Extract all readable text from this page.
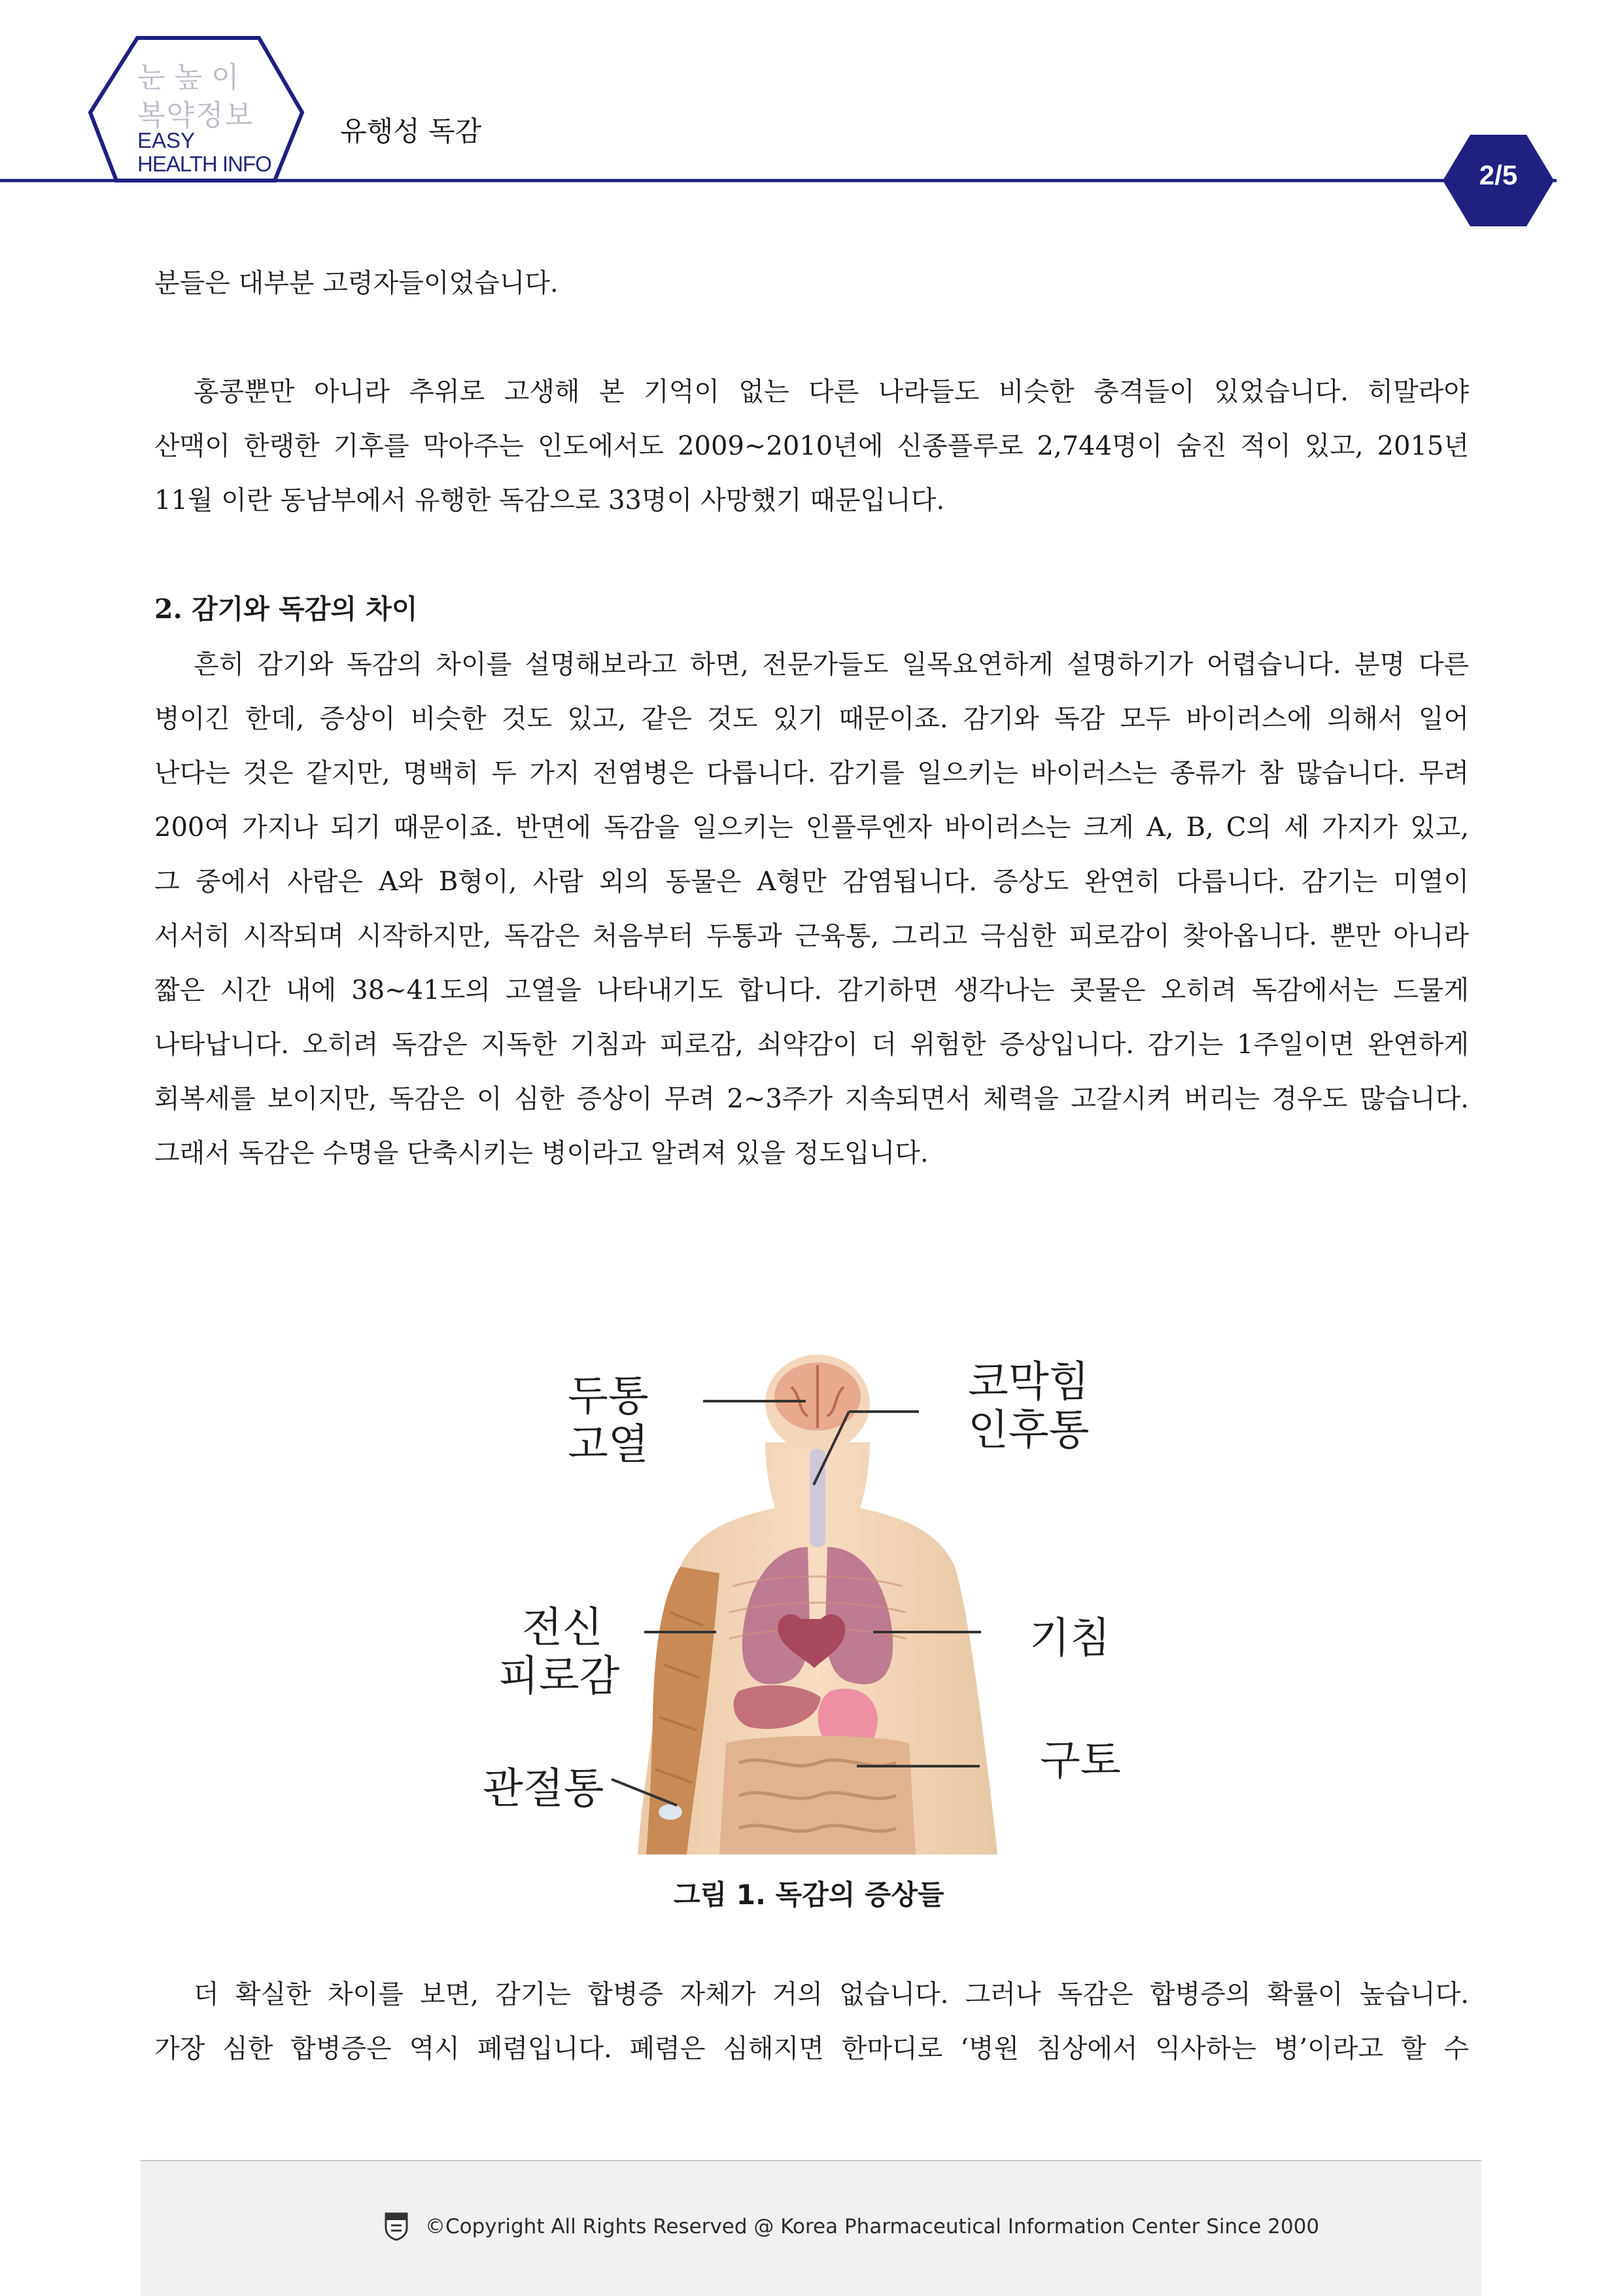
눈높이
복약정보
EASY
HEALTH INFO
유행성 독감
2/5
분들은 대부분 고령자들이었습니다.
홍콩뿐만 아니라 추위로 고생해 본 기억이 없는 다른 나라들도 비슷한 충격들이 있었습니다. 히말라야
산맥이 한랭한 기후를 막아주는 인도에서도 2009~2010년에 신종플루로 2,744명이 숨진 적이 있고, 2015년
11월 이란 동남부에서 유행한 독감으로 33명이 사망했기 때문입니다.
2. 감기와 독감의 차이
흔히 감기와 독감의 차이를 설명해보라고 하면, 전문가들도 일목요연하게 설명하기가 어렵습니다. 분명 다른
병이긴 한데, 증상이 비슷한 것도 있고, 같은 것도 있기 때문이죠. 감기와 독감 모두 바이러스에 의해서 일어
난다는 것은 같지만, 명백히 두 가지 전염병은 다릅니다. 감기를 일으키는 바이러스는 종류가 참 많습니다. 무려
200여 가지나 되기 때문이죠. 반면에 독감을 일으키는 인플루엔자 바이러스는 크게 A, B, C의 세 가지가 있고,
그 중에서 사람은 A와 B형이, 사람 외의 동물은 A형만 감염됩니다. 증상도 완연히 다릅니다. 감기는 미열이
서서히 시작되며 시작하지만, 독감은 처음부터 두통과 근육통, 그리고 극심한 피로감이 찾아옵니다. 뿐만 아니라
짧은 시간 내에 38~41도의 고열을 나타내기도 합니다. 감기하면 생각나는 콧물은 오히려 독감에서는 드물게
나타납니다. 오히려 독감은 지독한 기침과 피로감, 쇠약감이 더 위험한 증상입니다. 감기는 1주일이면 완연하게
회복세를 보이지만, 독감은 이 심한 증상이 무려 2~3주가 지속되면서 체력을 고갈시켜 버리는 경우도 많습니다.
그래서 독감은 수명을 단축시키는 병이라고 알려져 있을 정도입니다.
두통
고열
코막힘
인후통
전신
피로감
기침
관절통
구토
그림 1. 독감의 증상들
더 확실한 차이를 보면, 감기는 합병증 자체가 거의 없습니다. 그러나 독감은 합병증의 확률이 높습니다.
가장 심한 합병증은 역시 폐렴입니다. 폐렴은 심해지면 한마디로 ‘병원 침상에서 익사하는 병’이라고 할 수
©Copyright All Rights Reserved @ Korea Pharmaceutical Information Center Since 2000
